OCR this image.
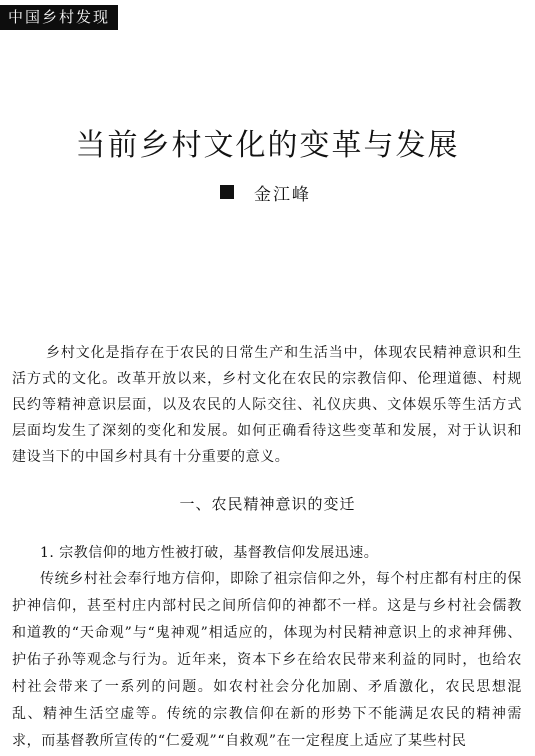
中国乡村发现
当前乡村文化的变革与发展
金江峰

乡村文化是指存在于农民的日常生产和生活当中，体现农民精神意识和生活方式的文化。改革开放以来，乡村文化在农民的宗教信仰、伦理道德、村规民约等精神意识层面，以及农民的人际交往、礼仪庆典、文体娱乐等生活方式层面均发生了深刻的变化和发展。如何正确看待这些变革和发展，对于认识和建设当下的中国乡村具有十分重要的意义。

一、农民精神意识的变迁
1. 宗教信仰的地方性被打破，基督教信仰发展迅速。

传统乡村社会奉行地方信仰，即除了祖宗信仰之外，每个村庄都有村庄的保护神信仰，甚至村庄内部村民之间所信仰的神都不一样。这是与乡村社会儒教和道教的“天命观”与“鬼神观”相适应的，体现为村民精神意识上的求神拜佛、护佑子孙等观念与行为。近年来，资本下乡在给农民带来利益的同时，也给农村社会带来了一系列的问题。如农村社会分化加剧、矛盾激化，农民思想混乱、精神生活空虚等。传统的宗教信仰在新的形势下不能满足农民的精神需求，而基督教所宣传的“仁爱观”“自救观”在一定程度上适应了某些村民
